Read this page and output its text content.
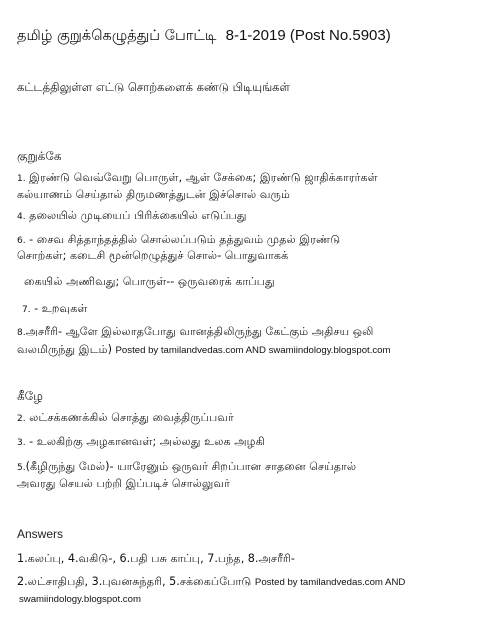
தமிழ் குறுக்கெழுத்துப் போட்டி 8-1-2019 (Post No.5903)
கட்டத்திலுள்ள எட்டு சொற்களைக் கண்டு பிடியுங்கள்
குறுக்கே
1. இரண்டு வெவ்வேறு பொருள், ஆள் சேக்கை; இரண்டு ஜாதிக்காரர்கள்
கல்யாணம் செய்தால் திருமணத்துடன் இச்சொல் வரும்
4. தலையில் முடியைப் பிரிக்கையில் எடுப்பது
6. - சைவ சித்தாந்தத்தில் சொல்லப்படும் தத்துவம் முதல் இரண்டு
சொற்கள்; கடைசி மூன்றெழுத்துச் சொல்- பொதுவாகக்
கையில் அணிவது; பொருள்-- ஒருவரைக் காப்பது
7. - உறவுகள்
8.அசரீரி- ஆளே இல்லாதபோது வானத்திலிருந்து கேட்கும் அதிசய ஒலி
வலமிருந்து இடம்) Posted by tamilandvedas.com AND swamiindology.blogspot.com
கீழே
2. லட்சக்கணக்கில் சொத்து வைத்திருப்பவர்
3. - உலகிற்கு அழகானவள்; அல்லது உலக அழகி
5.(கீழிருந்து மேல்)- யாரேனும் ஒருவர் சிறப்பான சாதனை செய்தால்
அவரது செயல் பற்றி இப்படிச் சொல்லுவர்
Answers
1.கலப்பு, 4.வகிடு-, 6.பதி பசு காப்பு, 7.பந்த, 8.அசரீரி-
2.லட்சாதிபதி, 3.புவனசுந்தரி, 5.சக்கைப்போடு Posted by tamilandvedas.com AND
swamiindology.blogspot.com
